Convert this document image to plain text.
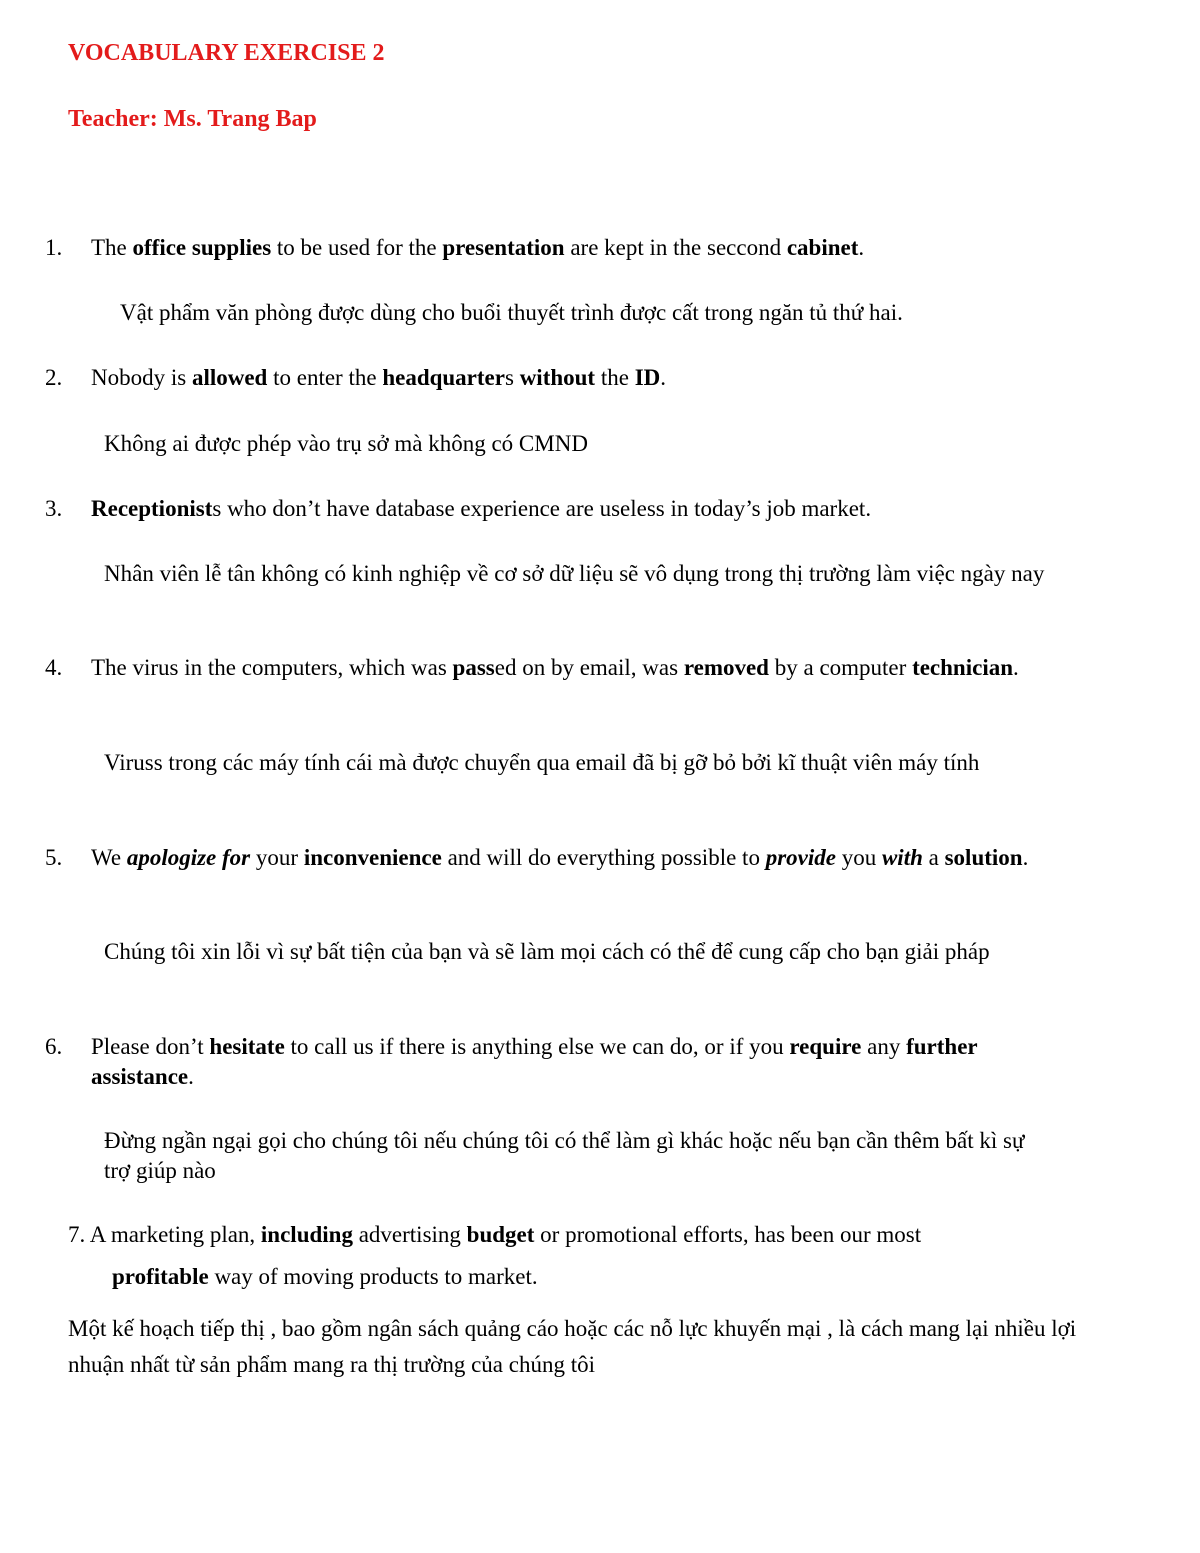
VOCABULARY EXERCISE 2
Teacher: Ms. Trang Bap
1. The office supplies to be used for the presentation are kept in the seccond cabinet.
Vật phẩm văn phòng được dùng cho buổi thuyết trình được cất trong ngăn tủ thứ hai.
2. Nobody is allowed to enter the headquarters without the ID.
Không ai được phép vào trụ sở mà không có CMND
3. Receptionists who don’t have database experience are useless in today’s job market.
Nhân viên lễ tân không có kinh nghiệp về cơ sở dữ liệu sẽ vô dụng trong thị trường làm việc ngày nay
4. The virus in the computers, which was passed on by email, was removed by a computer technician.
Viruss trong các máy tính cái mà được chuyển qua email đã bị gỡ bỏ bởi kĩ thuật viên máy tính
5. We apologize for your inconvenience and will do everything possible to provide you with a solution.
Chúng tôi xin lỗi vì sự bất tiện của bạn và sẽ làm mọi cách có thể để cung cấp cho bạn giải pháp
6. Please don’t hesitate to call us if there is anything else we can do, or if you require any further assistance.
Đừng ngần ngại gọi cho chúng tôi nếu chúng tôi có thể làm gì khác hoặc nếu bạn cần thêm bất kì sự trợ giúp nào
7. A marketing plan, including advertising budget or promotional efforts, has been our most
profitable way of moving products to market.
Một kế hoạch tiếp thị , bao gồm ngân sách quảng cáo hoặc các nỗ lực khuyến mại , là cách mang lại nhiều lợi nhuận nhất từ sản phẩm mang ra thị trường của chúng tôi
